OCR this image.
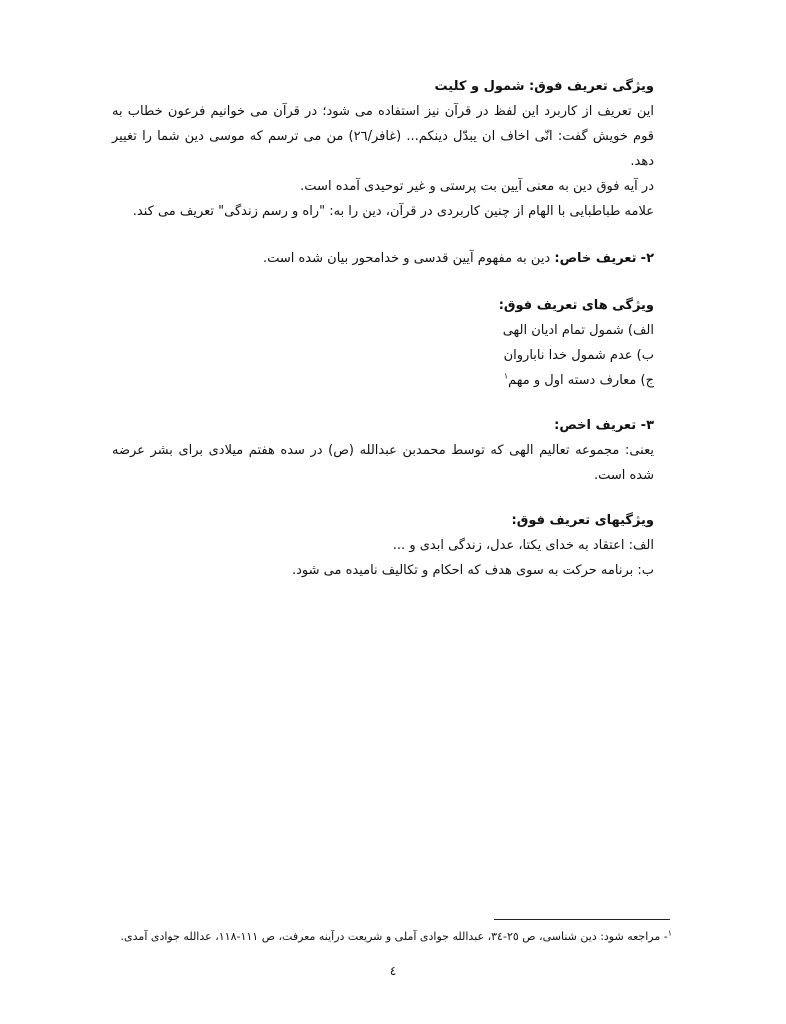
ویژگی تعریف فوق: شمول و کلیت

این تعریف از کاربرد این لفظ در قرآن نیز استفاده می شود؛ در قرآن می خوانیم فرعون خطاب به قوم خویش گفت: انّی اخاف ان یبدّل دینکم... (غافر/٢٦) من می ترسم که موسی دین شما را تغییر دهد.

در آیه فوق دین به معنی آیین بت پرستی و غیر توحیدی آمده است.

علامه طباطبایی با الهام از چنین کاربردی در قرآن، دین را به: "راه و رسم زندگی" تعریف می کند.

٢- تعریف خاص: دین به مفهوم آیین قدسی و خدامحور بیان شده است.

ویژگی های تعریف فوق:

الف) شمول تمام ادیان الهی

ب) عدم شمول خدا ناباروان

ج) معارف دسته اول و مهم$^١$

٣- تعریف اخص:

یعنی: مجموعه تعالیم الهی که توسط محمدبن عبدالله (ص) در سده هفتم میلادی برای بشر عرضه شده است.

ویژگیهای تعریف فوق:

الف: اعتقاد به خدای یکتا، عدل، زندگی ابدی و ...

ب: برنامه حرکت به سوی هدف که احکام و تکالیف نامیده می شود.

$^١$- مراجعه شود: دین شناسی، ص ٢٥-٣٤، عبدالله جوادی آملی و شریعت درآینه معرفت، ص ١١١-١١٨، عدالله جوادی آمدی.
٤
